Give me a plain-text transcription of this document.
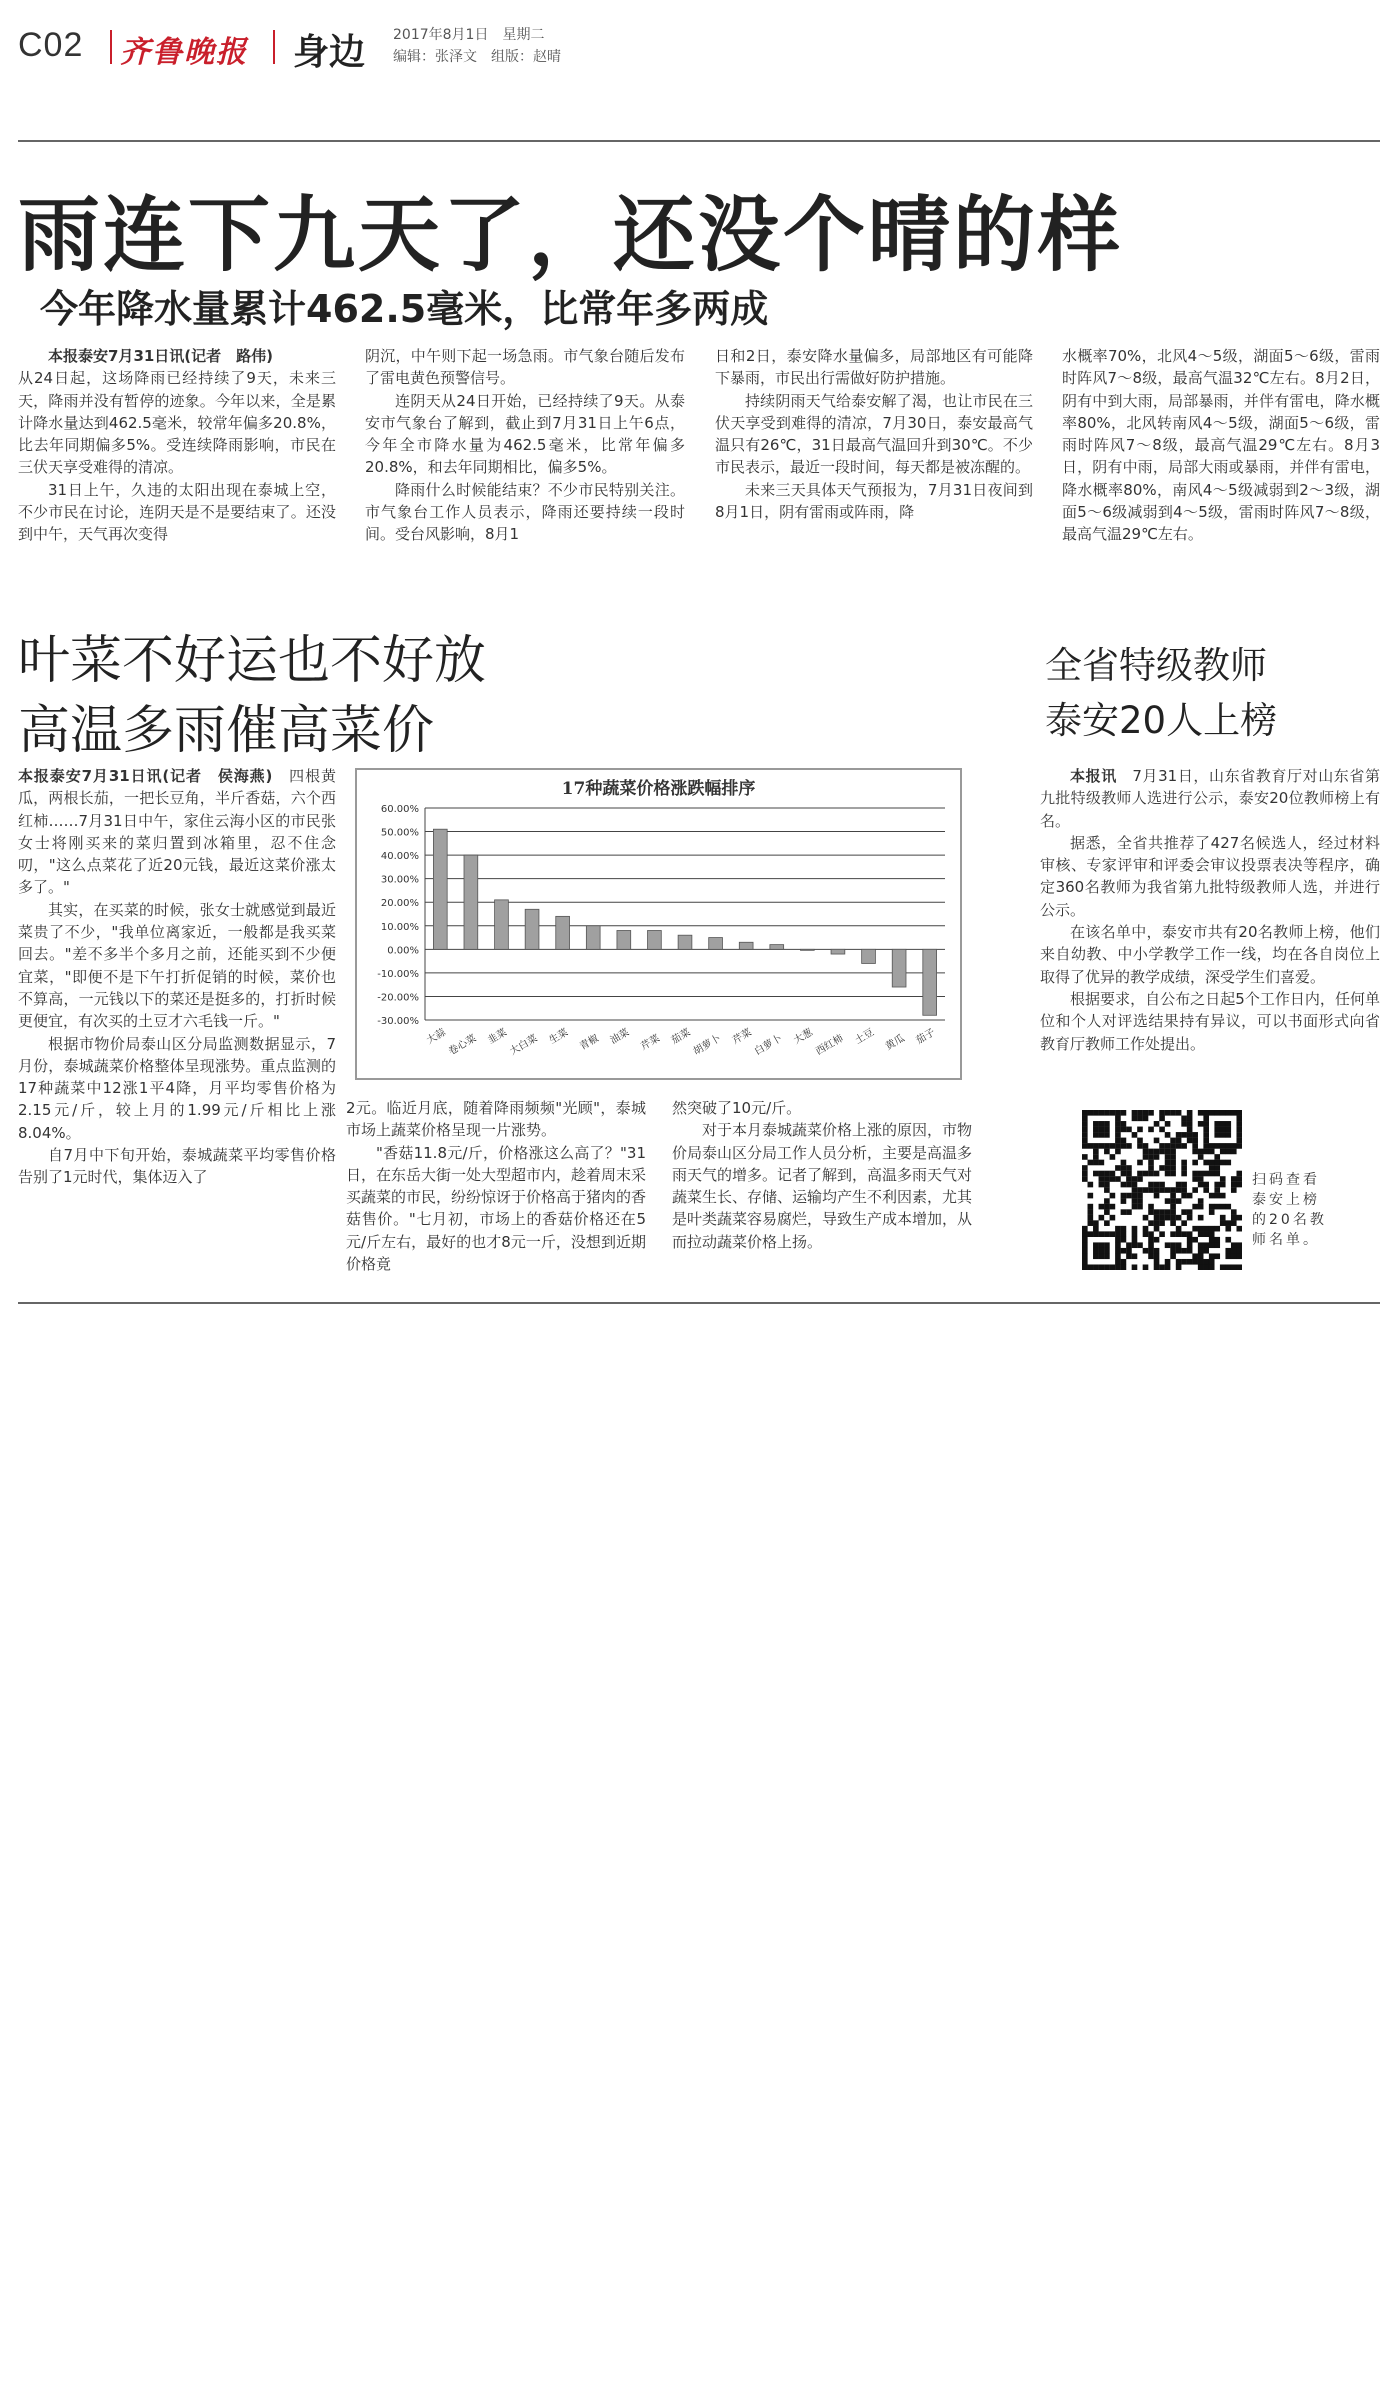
C02 齐鲁晚报 身边 2017年8月1日　星期二
编辑：张泽文　组版：赵晴
雨连下九天了，还没个晴的样
今年降水量累计462.5毫米，比常年多两成

本报泰安7月31日讯(记者　路伟)

从24日起，这场降雨已经持续了9天，未来三天，降雨并没有暂停的迹象。今年以来，全是累计降水量达到462.5毫米，较常年偏多20.8%，比去年同期偏多5%。受连续降雨影响，市民在三伏天享受难得的清凉。

31日上午，久违的太阳出现在泰城上空，不少市民在讨论，连阴天是不是要结束了。还没到中午，天气再次变得

阴沉，中午则下起一场急雨。市气象台随后发布了雷电黄色预警信号。

连阴天从24日开始，已经持续了9天。从泰安市气象台了解到，截止到7月31日上午6点，今年全市降水量为462.5毫米，比常年偏多20.8%，和去年同期相比，偏多5%。

降雨什么时候能结束？不少市民特别关注。市气象台工作人员表示，降雨还要持续一段时间。受台风影响，8月1

日和2日，泰安降水量偏多，局部地区有可能降下暴雨，市民出行需做好防护措施。

持续阴雨天气给泰安解了渴，也让市民在三伏天享受到难得的清凉，7月30日，泰安最高气温只有26℃，31日最高气温回升到30℃。不少市民表示，最近一段时间，每天都是被冻醒的。

未来三天具体天气预报为，7月31日夜间到8月1日，阴有雷雨或阵雨，降

水概率70%，北风4～5级，湖面5～6级，雷雨时阵风7～8级，最高气温32℃左右。8月2日，阴有中到大雨，局部暴雨，并伴有雷电，降水概率80%，北风转南风4～5级，湖面5～6级，雷雨时阵风7～8级，最高气温29℃左右。8月3日，阴有中雨，局部大雨或暴雨，并伴有雷电，降水概率80%，南风4～5级减弱到2～3级，湖面5～6级减弱到4～5级，雷雨时阵风7～8级，最高气温29℃左右。

叶菜不好运也不好放
高温多雨催高菜价

本报泰安7月31日讯(记者　侯海燕)　 四根黄瓜，两根长茄，一把长豆角，半斤香菇，六个西红柿……7月31日中午，家住云海小区的市民张女士将刚买来的菜归置到冰箱里，忍不住念叨，"这么点菜花了近20元钱，最近这菜价涨太多了。"

其实，在买菜的时候，张女士就感觉到最近菜贵了不少，"我单位离家近，一般都是我买菜回去。"差不多半个多月之前，还能买到不少便宜菜，"即便不是下午打折促销的时候，菜价也不算高，一元钱以下的菜还是挺多的，打折时候更便宜，有次买的土豆才六毛钱一斤。"

根据市物价局泰山区分局监测数据显示，7月份，泰城蔬菜价格整体呈现涨势。重点监测的17种蔬菜中12涨1平4降，月平均零售价格为2.15元/斤，较上月的1.99元/斤相比上涨8.04%。

自7月中下旬开始，泰城蔬菜平均零售价格告别了1元时代，集体迈入了

17种蔬菜价格涨跌幅排序
60.00%
50.00%
40.00%
30.00%
20.00%
10.00%
0.00%
-10.00%
-20.00%
-30.00%
大蒜 卷心菜 韭菜 大白菜 生菜 青椒 油菜 芹菜 茄菜 胡萝卜 芹菜 白萝卜 大葱 西红柿 土豆 黄瓜 茄子

2元。临近月底，随着降雨频频"光顾"，泰城市场上蔬菜价格呈现一片涨势。

"香菇11.8元/斤，价格涨这么高了？"31日，在东岳大街一处大型超市内，趁着周末采买蔬菜的市民，纷纷惊讶于价格高于猪肉的香菇售价。"七月初，市场上的香菇价格还在5元/斤左右，最好的也才8元一斤，没想到近期价格竟

然突破了10元/斤。

对于本月泰城蔬菜价格上涨的原因，市物价局泰山区分局工作人员分析，主要是高温多雨天气的增多。记者了解到，高温多雨天气对蔬菜生长、存储、运输均产生不利因素，尤其是叶类蔬菜容易腐烂，导致生产成本增加，从而拉动蔬菜价格上扬。

全省特级教师
泰安20人上榜

本报讯　 7月31日，山东省教育厅对山东省第九批特级教师人选进行公示，泰安20位教师榜上有名。

据悉，全省共推荐了427名候选人，经过材料审核、专家评审和评委会审议投票表决等程序，确定360名教师为我省第九批特级教师人选，并进行公示。

在该名单中，泰安市共有20名教师上榜，他们来自幼教、中小学教学工作一线，均在各自岗位上取得了优异的教学成绩，深受学生们喜爱。

根据要求，自公布之日起5个工作日内，任何单位和个人对评选结果持有异议，可以书面形式向省教育厅教师工作处提出。

扫码查看泰安上榜的20名教师名单。
